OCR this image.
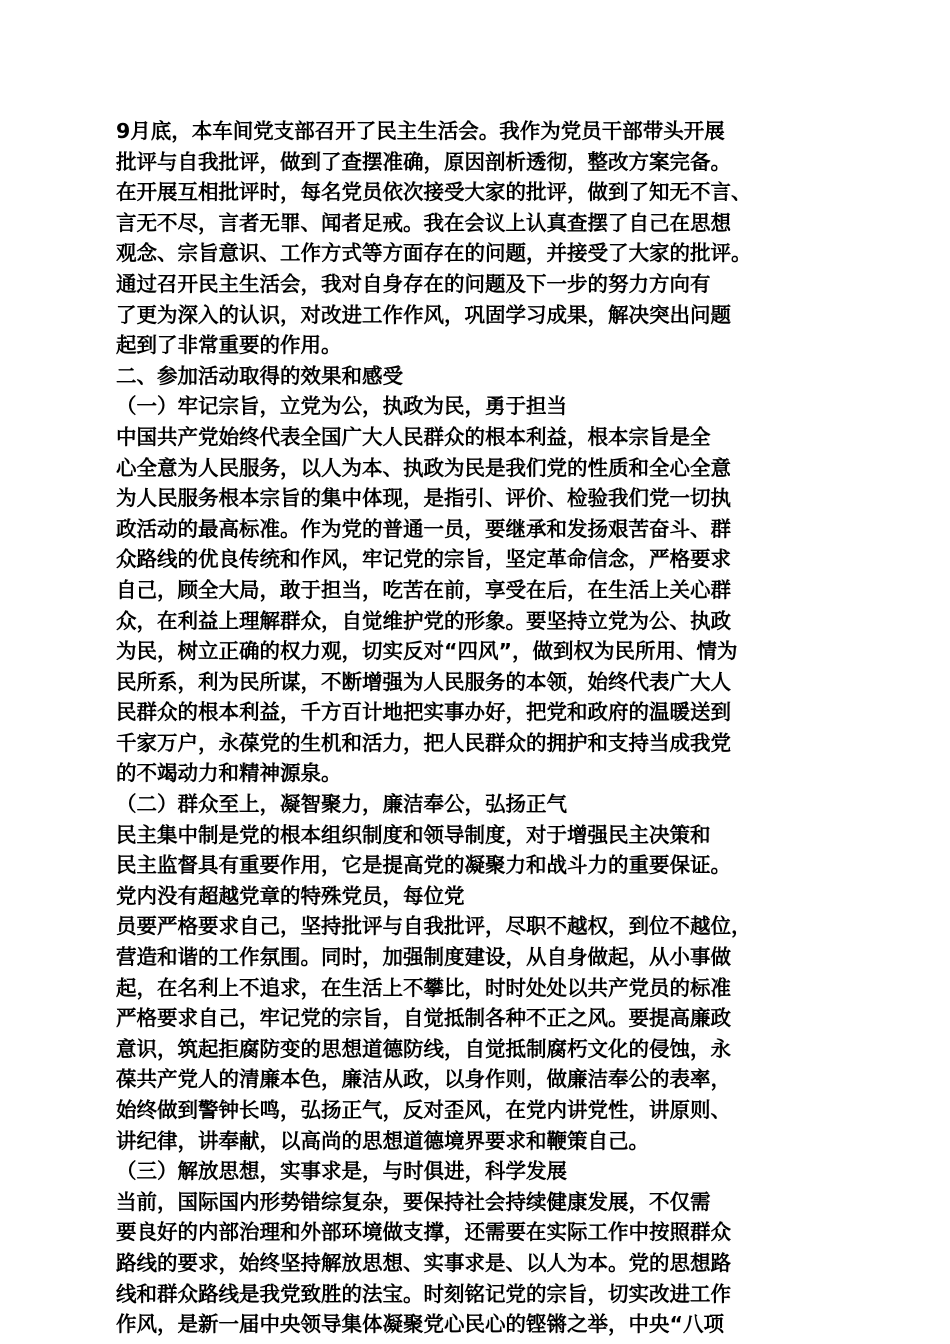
9月底，本车间党支部召开了民主生活会。我作为党员干部带头开展
批评与自我批评，做到了查摆准确，原因剖析透彻，整改方案完备。
在开展互相批评时，每名党员依次接受大家的批评，做到了知无不言、
言无不尽，言者无罪、闻者足戒。我在会议上认真查摆了自己在思想
观念、宗旨意识、工作方式等方面存在的问题，并接受了大家的批评。
通过召开民主生活会，我对自身存在的问题及下一步的努力方向有
了更为深入的认识，对改进工作作风，巩固学习成果，解决突出问题
起到了非常重要的作用。
二、参加活动取得的效果和感受
（一）牢记宗旨，立党为公，执政为民，勇于担当
中国共产党始终代表全国广大人民群众的根本利益，根本宗旨是全
心全意为人民服务，以人为本、执政为民是我们党的性质和全心全意
为人民服务根本宗旨的集中体现，是指引、评价、检验我们党一切执
政活动的最高标准。作为党的普通一员，要继承和发扬艰苦奋斗、群
众路线的优良传统和作风，牢记党的宗旨，坚定革命信念，严格要求
自己，顾全大局，敢于担当，吃苦在前，享受在后，在生活上关心群
众，在利益上理解群众，自觉维护党的形象。要坚持立党为公、执政
为民，树立正确的权力观，切实反对“四风”，做到权为民所用、情为
民所系，利为民所谋，不断增强为人民服务的本领，始终代表广大人
民群众的根本利益，千方百计地把实事办好，把党和政府的温暖送到
千家万户，永葆党的生机和活力，把人民群众的拥护和支持当成我党
的不竭动力和精神源泉。
（二）群众至上，凝智聚力，廉洁奉公，弘扬正气
民主集中制是党的根本组织制度和领导制度，对于增强民主决策和
民主监督具有重要作用，它是提高党的凝聚力和战斗力的重要保证。
党内没有超越党章的特殊党员，每位党
员要严格要求自己，坚持批评与自我批评，尽职不越权，到位不越位，
营造和谐的工作氛围。同时，加强制度建设，从自身做起，从小事做
起，在名利上不追求，在生活上不攀比，时时处处以共产党员的标准
严格要求自己，牢记党的宗旨，自觉抵制各种不正之风。要提高廉政
意识，筑起拒腐防变的思想道德防线，自觉抵制腐朽文化的侵蚀，永
葆共产党人的清廉本色，廉洁从政，以身作则，做廉洁奉公的表率，
始终做到警钟长鸣，弘扬正气，反对歪风，在党内讲党性，讲原则、
讲纪律，讲奉献，以高尚的思想道德境界要求和鞭策自己。
（三）解放思想，实事求是，与时俱进，科学发展
当前，国际国内形势错综复杂，要保持社会持续健康发展，不仅需
要良好的内部治理和外部环境做支撑，还需要在实际工作中按照群众
路线的要求，始终坚持解放思想、实事求是、以人为本。党的思想路
线和群众路线是我党致胜的法宝。时刻铭记党的宗旨，切实改进工作
作风，是新一届中央领导集体凝聚党心民心的铿锵之举，中央“八项
